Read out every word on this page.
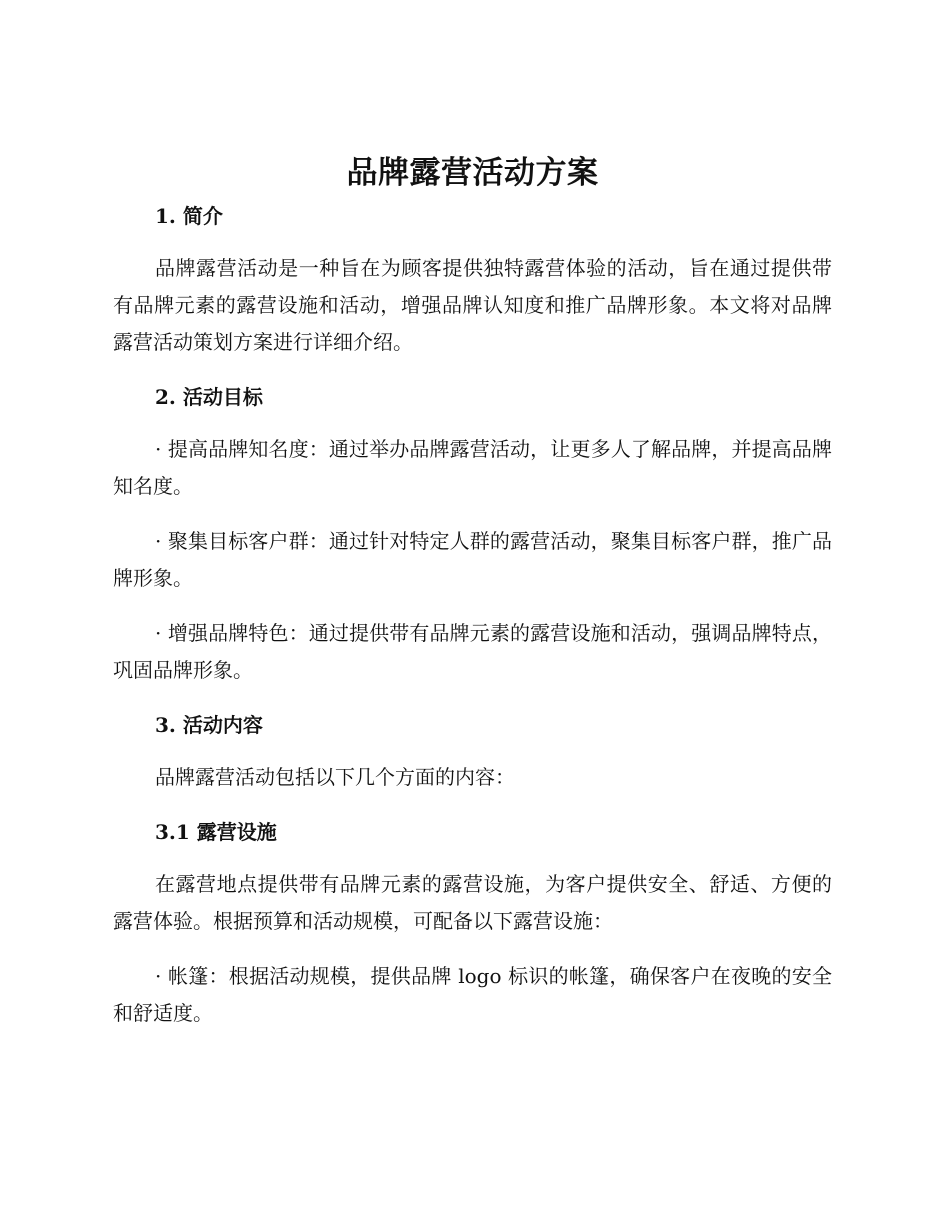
品牌露营活动方案

1. 简介

品牌露营活动是一种旨在为顾客提供独特露营体验的活动，旨在通过提供带有品牌元素的露营设施和活动，增强品牌认知度和推广品牌形象。本文将对品牌露营活动策划方案进行详细介绍。

2. 活动目标

· 提高品牌知名度：通过举办品牌露营活动，让更多人了解品牌，并提高品牌知名度。

· 聚集目标客户群：通过针对特定人群的露营活动，聚集目标客户群，推广品牌形象。

· 增强品牌特色：通过提供带有品牌元素的露营设施和活动，强调品牌特点，巩固品牌形象。

3. 活动内容

品牌露营活动包括以下几个方面的内容：

3.1 露营设施

在露营地点提供带有品牌元素的露营设施，为客户提供安全、舒适、方便的露营体验。根据预算和活动规模，可配备以下露营设施：

· 帐篷：根据活动规模，提供品牌 logo 标识的帐篷，确保客户在夜晚的安全和舒适度。
